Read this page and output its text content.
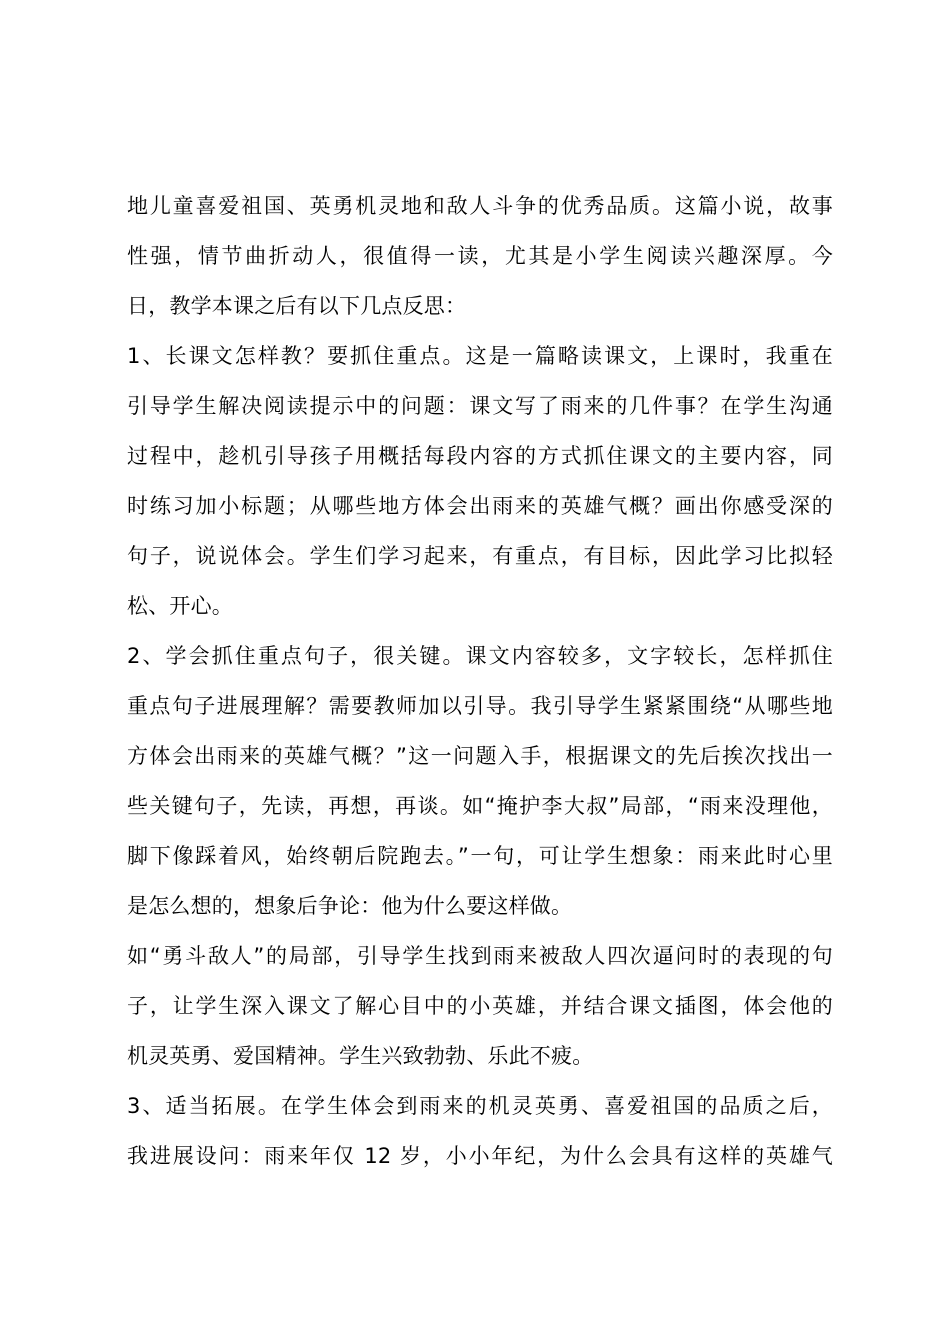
地儿童喜爱祖国、英勇机灵地和敌人斗争的优秀品质。这篇小说，故事
性强，情节曲折动人，很值得一读，尤其是小学生阅读兴趣深厚。今
日，教学本课之后有以下几点反思：
1、长课文怎样教？要抓住重点。这是一篇略读课文，上课时，我重在
引导学生解决阅读提示中的问题：课文写了雨来的几件事？在学生沟通
过程中，趁机引导孩子用概括每段内容的方式抓住课文的主要内容，同
时练习加小标题；从哪些地方体会出雨来的英雄气概？画出你感受深的
句子，说说体会。学生们学习起来，有重点，有目标，因此学习比拟轻
松、开心。
2、学会抓住重点句子，很关键。课文内容较多，文字较长，怎样抓住
重点句子进展理解？需要教师加以引导。我引导学生紧紧围绕“从哪些地
方体会出雨来的英雄气概？”这一问题入手，根据课文的先后挨次找出一
些关键句子，先读，再想，再谈。如“掩护李大叔”局部，“雨来没理他，
脚下像踩着风，始终朝后院跑去。”一句，可让学生想象：雨来此时心里
是怎么想的，想象后争论：他为什么要这样做。
如“勇斗敌人”的局部，引导学生找到雨来被敌人四次逼问时的表现的句
子，让学生深入课文了解心目中的小英雄，并结合课文插图，体会他的
机灵英勇、爱国精神。学生兴致勃勃、乐此不疲。
3、适当拓展。在学生体会到雨来的机灵英勇、喜爱祖国的品质之后，
我进展设问：雨来年仅 12 岁，小小年纪，为什么会具有这样的英雄气
